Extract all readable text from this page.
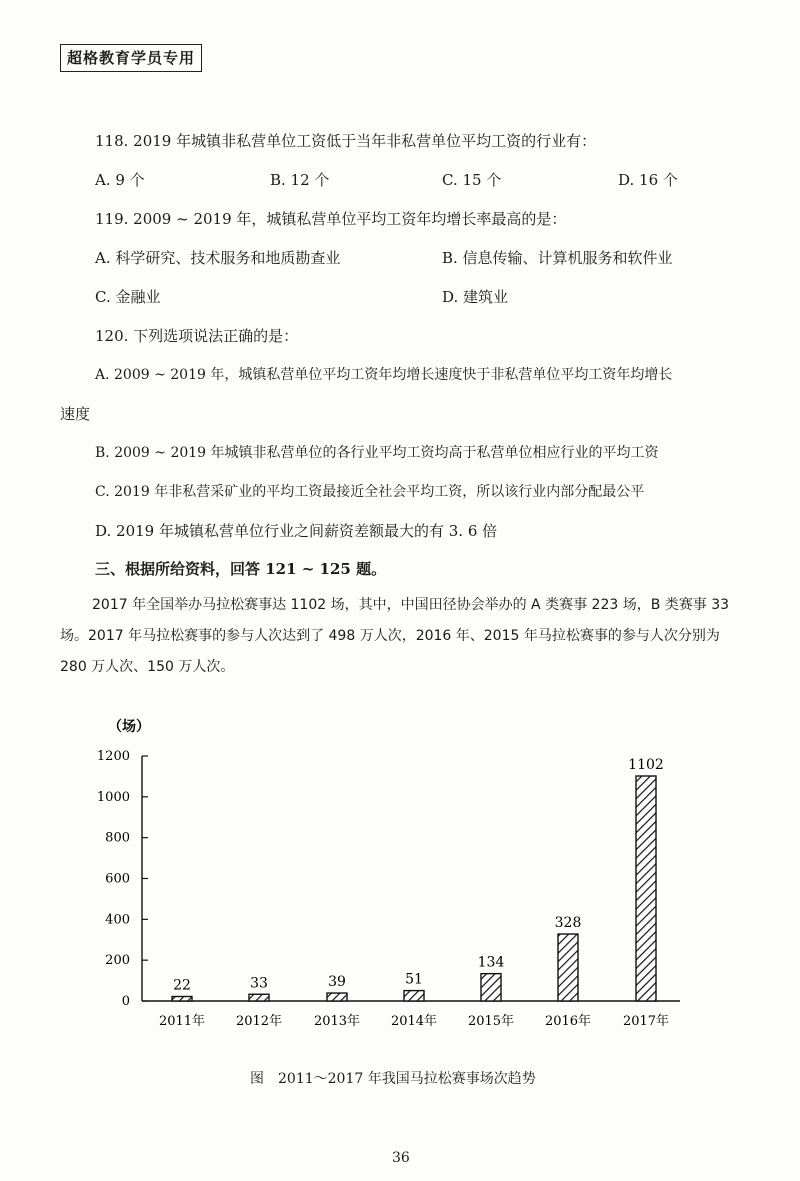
超格教育学员专用
118. 2019 年城镇非私营单位工资低于当年非私营单位平均工资的行业有：
A. 9 个	B. 12 个	C. 15 个	D. 16 个
119. 2009 ~ 2019 年，城镇私营单位平均工资年均增长率最高的是：
A. 科学研究、技术服务和地质勘查业	B. 信息传输、计算机服务和软件业
C. 金融业	D. 建筑业
120. 下列选项说法正确的是：
A. 2009 ~ 2019 年，城镇私营单位平均工资年均增长速度快于非私营单位平均工资年均增长
速度
B. 2009 ~ 2019 年城镇非私营单位的各行业平均工资均高于私营单位相应行业的平均工资
C. 2019 年非私营采矿业的平均工资最接近全社会平均工资，所以该行业内部分配最公平
D. 2019 年城镇私营单位行业之间薪资差额最大的有 3. 6 倍
三、根据所给资料，回答 121 ~ 125 题。
2017 年全国举办马拉松赛事达 1102 场，其中，中国田径协会举办的 A 类赛事 223 场，B 类赛事 33 场。2017 年马拉松赛事的参与人次达到了 498 万人次，2016 年、2015 年马拉松赛事的参与人次分别为 280 万人次、150 万人次。
（场）
0
200
400
600
800
1000
1200
22
2011年
33
2012年
39
2013年
51
2014年
134
2015年
328
2016年
1102
2017年
图　2011～2017 年我国马拉松赛事场次趋势
36
